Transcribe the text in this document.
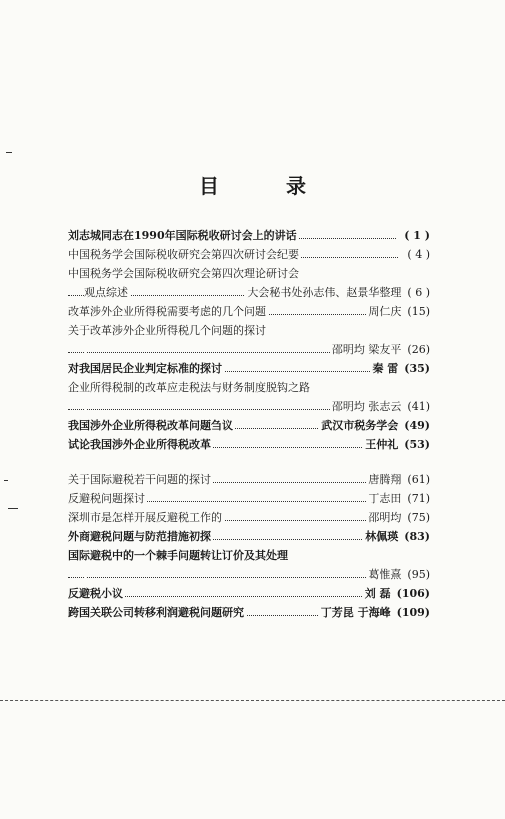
目 录
刘志城同志在1990年国际税收研讨会上的讲话	( 1 )
中国税务学会国际税收研究会第四次研讨会纪要	( 4 )
中国税务学会国际税收研究会第四次理论研讨会
观点综述	大会秘书处孙志伟、赵景华整理 ( 6 )
改革涉外企业所得税需要考虑的几个问题	周仁庆 (15)
关于改革涉外企业所得税几个问题的探讨
邵明均 梁友平 (26)
对我国居民企业判定标准的探讨	秦 雷 (35)
企业所得税制的改革应走税法与财务制度脱钩之路
邵明均 张志云 (41)
我国涉外企业所得税改革问题刍议	武汉市税务学会 (49)
试论我国涉外企业所得税改革	王仲礼 (53)
关于国际避税若干问题的探讨	唐腾翔 (61)
反避税问题探讨	丁志田 (71)
深圳市是怎样开展反避税工作的	邵明均 (75)
外商避税问题与防范措施初探	林佩瑛 (83)
国际避税中的一个棘手问题转让订价及其处理
葛惟熹 (95)
反避税小议	刘 磊 (106)
跨国关联公司转移利润避税问题研究	丁芳昆 于海峰 (109)
